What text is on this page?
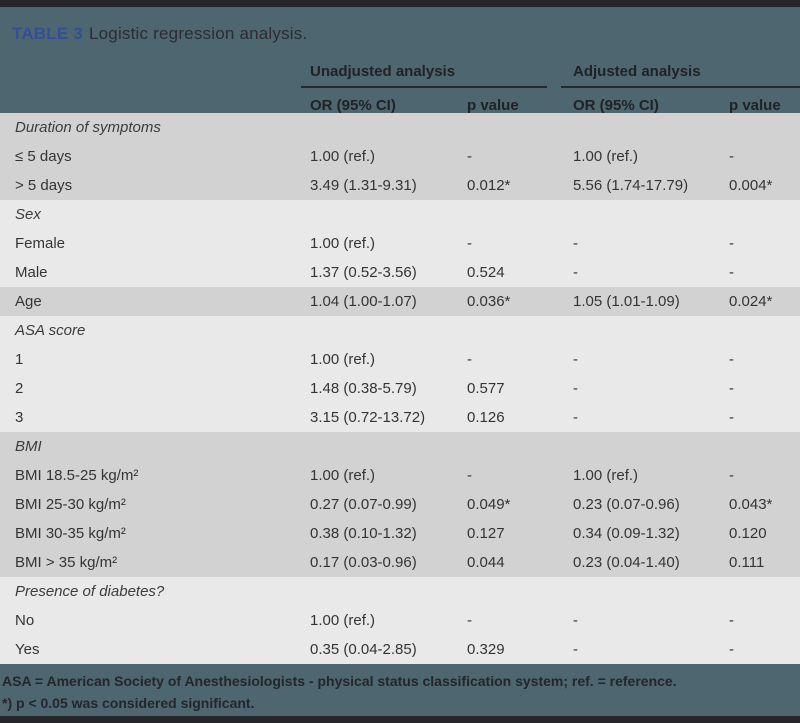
TABLE 3 Logistic regression analysis.
Unadjusted analysis	Adjusted analysis
OR (95% CI)	p value	OR (95% CI)	p value
Duration of symptoms
≤ 5 days	1.00 (ref.)	-	1.00 (ref.)	-
> 5 days	3.49 (1.31-9.31)	0.012*	5.56 (1.74-17.79)	0.004*
Sex
Female	1.00 (ref.)	-	-	-
Male	1.37 (0.52-3.56)	0.524	-	-
Age	1.04 (1.00-1.07)	0.036*	1.05 (1.01-1.09)	0.024*
ASA score
1	1.00 (ref.)	-	-	-
2	1.48 (0.38-5.79)	0.577	-	-
3	3.15 (0.72-13.72)	0.126	-	-
BMI
BMI 18.5-25 kg/m²	1.00 (ref.)	-	1.00 (ref.)	-
BMI 25-30 kg/m²	0.27 (0.07-0.99)	0.049*	0.23 (0.07-0.96)	0.043*
BMI 30-35 kg/m²	0.38 (0.10-1.32)	0.127	0.34 (0.09-1.32)	0.120
BMI > 35 kg/m²	0.17 (0.03-0.96)	0.044	0.23 (0.04-1.40)	0.111
Presence of diabetes?
No	1.00 (ref.)	-	-	-
Yes	0.35 (0.04-2.85)	0.329	-	-
ASA = American Society of Anesthesiologists - physical status classification system; ref. = reference.
*) p < 0.05 was considered significant.
